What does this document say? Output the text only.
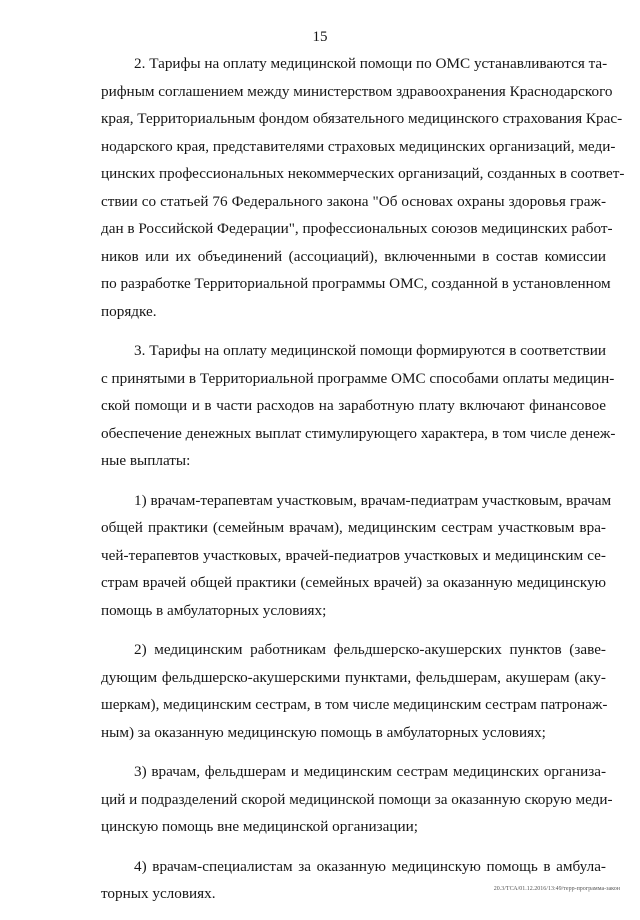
15
2. Тарифы на оплату медицинской помощи по ОМС устанавливаются та-
рифным соглашением между министерством здравоохранения Краснодарского
края, Территориальным фондом обязательного медицинского страхования Крас-
нодарского края, представителями страховых медицинских организаций, меди-
цинских профессиональных некоммерческих организаций, созданных в соответ-
ствии со статьей 76 Федерального закона "Об основах охраны здоровья граж-
дан в Российской Федерации", профессиональных союзов медицинских работ-
ников или их объединений (ассоциаций), включенными в состав комиссии
по разработке Территориальной программы ОМС, созданной в установленном
порядке.
3. Тарифы на оплату медицинской помощи формируются в соответствии
с принятыми в Территориальной программе ОМС способами оплаты медицин-
ской помощи и в части расходов на заработную плату включают финансовое
обеспечение денежных выплат стимулирующего характера, в том числе денеж-
ные выплаты:
1) врачам-терапевтам участковым, врачам-педиатрам участковым, врачам
общей практики (семейным врачам), медицинским сестрам участковым вра-
чей-терапевтов участковых, врачей-педиатров участковых и медицинским се-
страм врачей общей практики (семейных врачей) за оказанную медицинскую
помощь в амбулаторных условиях;
2) медицинским работникам фельдшерско-акушерских пунктов (заве-
дующим фельдшерско-акушерскими пунктами, фельдшерам, акушерам (аку-
шеркам), медицинским сестрам, в том числе медицинским сестрам патронаж-
ным) за оказанную медицинскую помощь в амбулаторных условиях;
3) врачам, фельдшерам и медицинским сестрам медицинских организа-
ций и подразделений скорой медицинской помощи за оказанную скорую меди-
цинскую помощь вне медицинской организации;
4) врачам-специалистам за оказанную медицинскую помощь в амбула-
торных условиях.	20.3/ТСА/01.12.2016/13:49/терр-программа-закон
